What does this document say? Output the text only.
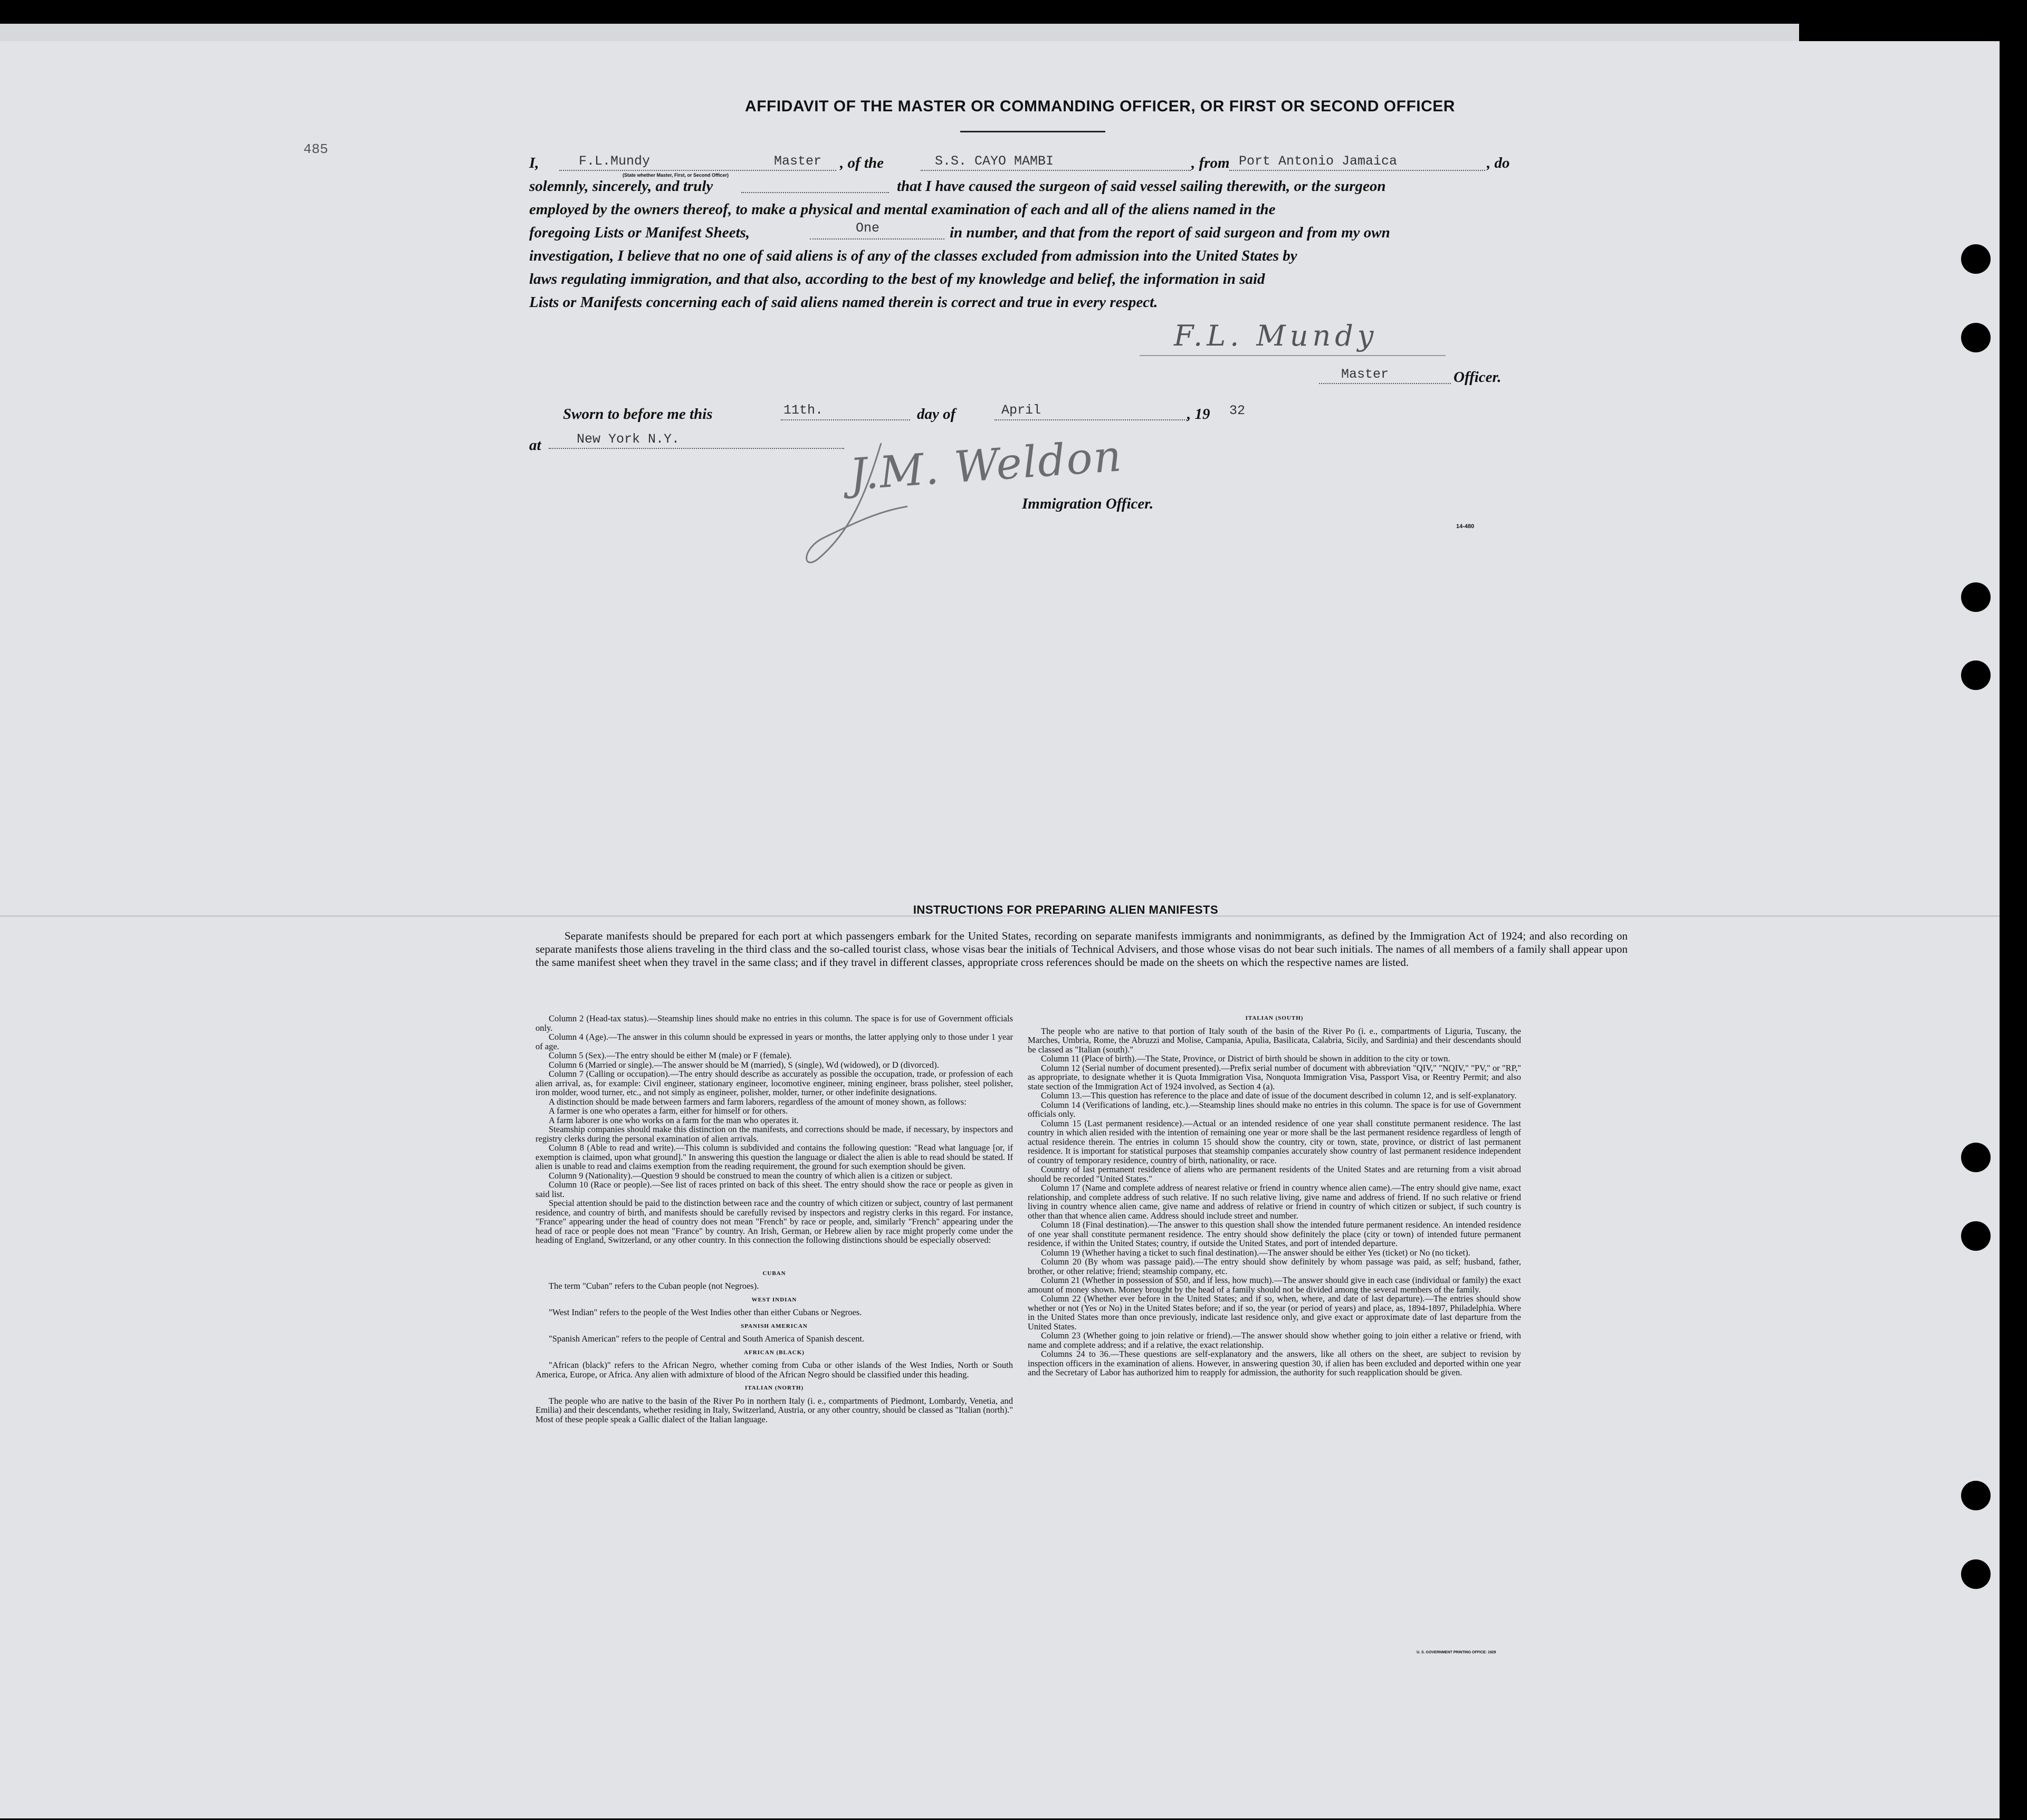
AFFIDAVIT OF THE MASTER OR COMMANDING OFFICER, OR FIRST OR SECOND OFFICER
485
I,	F.L.Mundy	Master
(State whether Master, First, or Second Officer)
, of the	S.S. CAYO MAMBI	, from Port Antonio Jamaica	, do
solemnly, sincerely, and truly	that I have caused the surgeon of said vessel sailing therewith, or the surgeon
employed by the owners thereof, to make a physical and mental examination of each and all of the aliens named in the
foregoing Lists or Manifest Sheets,	One	in number, and that from the report of said surgeon and from my own
investigation, I believe that no one of said aliens is of any of the classes excluded from admission into the United States by
laws regulating immigration, and that also, according to the best of my knowledge and belief, the information in said
Lists or Manifests concerning each of said aliens named therein is correct and true in every respect.
F.L. Mundy
Master	Officer.
Sworn to before me this	11th.	day of	April	, 19 32
at	New York N.Y.	J.M. Weldon
Immigration Officer.
14-480
INSTRUCTIONS FOR PREPARING ALIEN MANIFESTS
Separate manifests should be prepared for each port at which passengers embark for the United States, recording on separate manifests immigrants and nonimmigrants, as defined by the Immigration Act of 1924; and also recording on separate manifests those aliens traveling in the third class and the so-called tourist class, whose visas bear the initials of Technical Advisers, and those whose visas do not bear such initials. The names of all members of a family shall appear upon the same manifest sheet when they travel in the same class; and if they travel in different classes, appropriate cross references should be made on the sheets on which the respective names are listed.

Column 2 (Head-tax status).—Steamship lines should make no entries in this column. The space is for use of Government officials only.

Column 4 (Age).—The answer in this column should be expressed in years or months, the latter applying only to those under 1 year of age.

Column 5 (Sex).—The entry should be either M (male) or F (female).

Column 6 (Married or single).—The answer should be M (married), S (single), Wd (widowed), or D (divorced).

Column 7 (Calling or occupation).—The entry should describe as accurately as possible the occupation, trade, or profession of each alien arrival, as, for example: Civil engineer, stationary engineer, locomotive engineer, mining engineer, brass polisher, steel polisher, iron molder, wood turner, etc., and not simply as engineer, polisher, molder, turner, or other indefinite designations.

A distinction should be made between farmers and farm laborers, regardless of the amount of money shown, as follows:

A farmer is one who operates a farm, either for himself or for others.

A farm laborer is one who works on a farm for the man who operates it.

Steamship companies should make this distinction on the manifests, and corrections should be made, if necessary, by inspectors and registry clerks during the personal examination of alien arrivals.

Column 8 (Able to read and write).—This column is subdivided and contains the following question: "Read what language [or, if exemption is claimed, upon what ground]." In answering this question the language or dialect the alien is able to read should be stated. If alien is unable to read and claims exemption from the reading requirement, the ground for such exemption should be given.

Column 9 (Nationality).—Question 9 should be construed to mean the country of which alien is a citizen or subject.

Column 10 (Race or people).—See list of races printed on back of this sheet. The entry should show the race or people as given in said list.

Special attention should be paid to the distinction between race and the country of which citizen or subject, country of last permanent residence, and country of birth, and manifests should be carefully revised by inspectors and registry clerks in this regard. For instance, "France" appearing under the head of country does not mean "French" by race or people, and, similarly "French" appearing under the head of race or people does not mean "France" by country. An Irish, German, or Hebrew alien by race might properly come under the heading of England, Switzerland, or any other country. In this connection the following distinctions should be especially observed:

CUBAN

The term "Cuban" refers to the Cuban people (not Negroes).

WEST INDIAN

"West Indian" refers to the people of the West Indies other than either Cubans or Negroes.

SPANISH AMERICAN

"Spanish American" refers to the people of Central and South America of Spanish descent.

AFRICAN (BLACK)

"African (black)" refers to the African Negro, whether coming from Cuba or other islands of the West Indies, North or South America, Europe, or Africa. Any alien with admixture of blood of the African Negro should be classified under this heading.

ITALIAN (NORTH)

The people who are native to the basin of the River Po in northern Italy (i. e., compartments of Piedmont, Lombardy, Venetia, and Emilia) and their descendants, whether residing in Italy, Switzerland, Austria, or any other country, should be classed as "Italian (north)." Most of these people speak a Gallic dialect of the Italian language.

ITALIAN (SOUTH)

The people who are native to that portion of Italy south of the basin of the River Po (i. e., compartments of Liguria, Tuscany, the Marches, Umbria, Rome, the Abruzzi and Molise, Campania, Apulia, Basilicata, Calabria, Sicily, and Sardinia) and their descendants should be classed as "Italian (south)."

Column 11 (Place of birth).—The State, Province, or District of birth should be shown in addition to the city or town.

Column 12 (Serial number of document presented).—Prefix serial number of document with abbreviation "QIV," "NQIV," "PV," or "RP," as appropriate, to designate whether it is Quota Immigration Visa, Nonquota Immigration Visa, Passport Visa, or Reentry Permit; and also state section of the Immigration Act of 1924 involved, as Section 4 (a).

Column 13.—This question has reference to the place and date of issue of the document described in column 12, and is self-explanatory.

Column 14 (Verifications of landing, etc.).—Steamship lines should make no entries in this column. The space is for use of Government officials only.

Column 15 (Last permanent residence).—Actual or an intended residence of one year shall constitute permanent residence. The last country in which alien resided with the intention of remaining one year or more shall be the last permanent residence regardless of length of actual residence therein. The entries in column 15 should show the country, city or town, state, province, or district of last permanent residence. It is important for statistical purposes that steamship companies accurately show country of last permanent residence independent of country of temporary residence, country of birth, nationality, or race.

Country of last permanent residence of aliens who are permanent residents of the United States and are returning from a visit abroad should be recorded "United States."

Column 17 (Name and complete address of nearest relative or friend in country whence alien came).—The entry should give name, exact relationship, and complete address of such relative. If no such relative living, give name and address of friend. If no such relative or friend living in country whence alien came, give name and address of relative or friend in country of which citizen or subject, if such country is other than that whence alien came. Address should include street and number.

Column 18 (Final destination).—The answer to this question shall show the intended future permanent residence. An intended residence of one year shall constitute permanent residence. The entry should show definitely the place (city or town) of intended future permanent residence, if within the United States; country, if outside the United States, and port of intended departure.

Column 19 (Whether having a ticket to such final destination).—The answer should be either Yes (ticket) or No (no ticket).

Column 20 (By whom was passage paid).—The entry should show definitely by whom passage was paid, as self; husband, father, brother, or other relative; friend; steamship company, etc.

Column 21 (Whether in possession of $50, and if less, how much).—The answer should give in each case (individual or family) the exact amount of money shown. Money brought by the head of a family should not be divided among the several members of the family.

Column 22 (Whether ever before in the United States; and if so, when, where, and date of last departure).—The entries should show whether or not (Yes or No) in the United States before; and if so, the year (or period of years) and place, as, 1894-1897, Philadelphia. Where in the United States more than once previously, indicate last residence only, and give exact or approximate date of last departure from the United States.

Column 23 (Whether going to join relative or friend).—The answer should show whether going to join either a relative or friend, with name and complete address; and if a relative, the exact relationship.

Columns 24 to 36.—These questions are self-explanatory and the answers, like all others on the sheet, are subject to revision by inspection officers in the examination of aliens. However, in answering question 30, if alien has been excluded and deported within one year and the Secretary of Labor has authorized him to reapply for admission, the authority for such reapplication should be given.

U. S. GOVERNMENT PRINTING OFFICE: 1929
